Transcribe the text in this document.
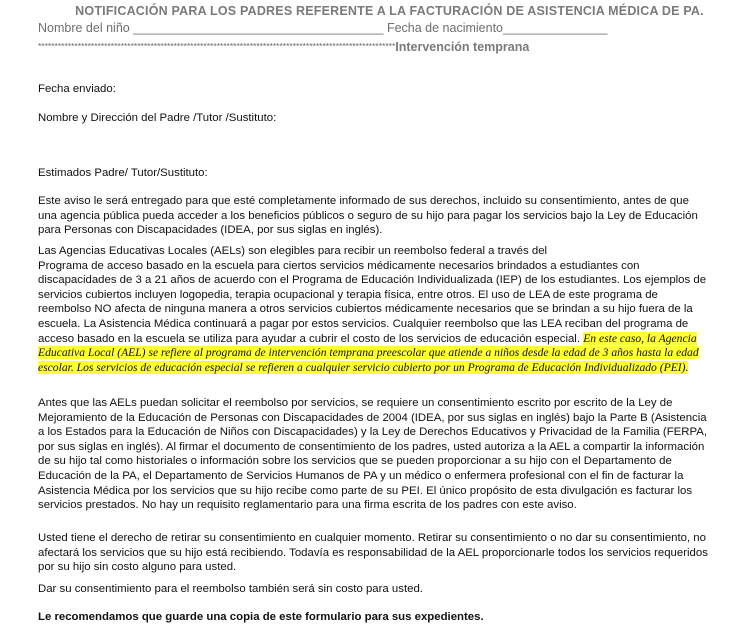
NOTIFICACIÓN PARA LOS PADRES REFERENTE A LA FACTURACIÓN DE ASISTENCIA MÉDICA DE PA.
Nombre del niño ____________________________________ Fecha de nacimiento_______________
************************************************************************************************************Intervención temprana
Fecha enviado:
Nombre y Dirección del Padre /Tutor /Sustituto:
Estimados Padre/ Tutor/Sustituto:

Este aviso le será entregado para que esté completamente informado de sus derechos, incluido su consentimiento, antes de que una agencia pública pueda acceder a los beneficios públicos o seguro de su hijo para pagar los servicios bajo la Ley de Educación para Personas con Discapacidades (IDEA, por sus siglas en inglés).

Las Agencias Educativas Locales (AELs) son elegibles para recibir un reembolso federal a través del
Programa de acceso basado en la escuela para ciertos servicios médicamente necesarios brindados a estudiantes con discapacidades de 3 a 21 años de acuerdo con el Programa de Educación Individualizada (IEP) de los estudiantes. Los ejemplos de servicios cubiertos incluyen logopedia, terapia ocupacional y terapia física, entre otros. El uso de LEA de este programa de reembolso NO afecta de ninguna manera a otros servicios cubiertos médicamente necesarios que se brindan a su hijo fuera de la escuela. La Asistencia Médica continuará a pagar por estos servicios. Cualquier reembolso que las LEA reciban del programa de acceso basado en la escuela se utiliza para ayudar a cubrir el costo de los servicios de educación especial. En este caso, la Agencia Educativa Local (AEL) se refiere al programa de intervención temprana preescolar que atiende a niños desde la edad de 3 años hasta la edad escolar. Los servicios de educación especial se refieren a cualquier servicio cubierto por un Programa de Educación Individualizado (PEI).

Antes que las AELs puedan solicitar el reembolso por servicios, se requiere un consentimiento escrito por escrito de la Ley de Mejoramiento de la Educación de Personas con Discapacidades de 2004 (IDEA, por sus siglas en inglés) bajo la Parte B (Asistencia a los Estados para la Educación de Niños con Discapacidades) y la Ley de Derechos Educativos y Privacidad de la Familia (FERPA, por sus siglas en inglés). Al firmar el documento de consentimiento de los padres, usted autoriza a la AEL a compartir la información de su hijo tal como historiales o información sobre los servicios que se pueden proporcionar a su hijo con el Departamento de Educación de la PA, el Departamento de Servicios Humanos de PA y un médico o enfermera profesional con el fin de facturar la Asistencia Médica por los servicios que su hijo recibe como parte de su PEI. El único propósito de esta divulgación es facturar los servicios prestados. No hay un requisito reglamentario para una firma escrita de los padres con este aviso.

Usted tiene el derecho de retirar su consentimiento en cualquier momento. Retirar su consentimiento o no dar su consentimiento, no afectará los servicios que su hijo está recibiendo. Todavía es responsabilidad de la AEL proporcionarle todos los servicios requeridos por su hijo sin costo alguno para usted.

Dar su consentimiento para el reembolso también será sin costo para usted.

Le recomendamos que guarde una copia de este formulario para sus expedientes.
